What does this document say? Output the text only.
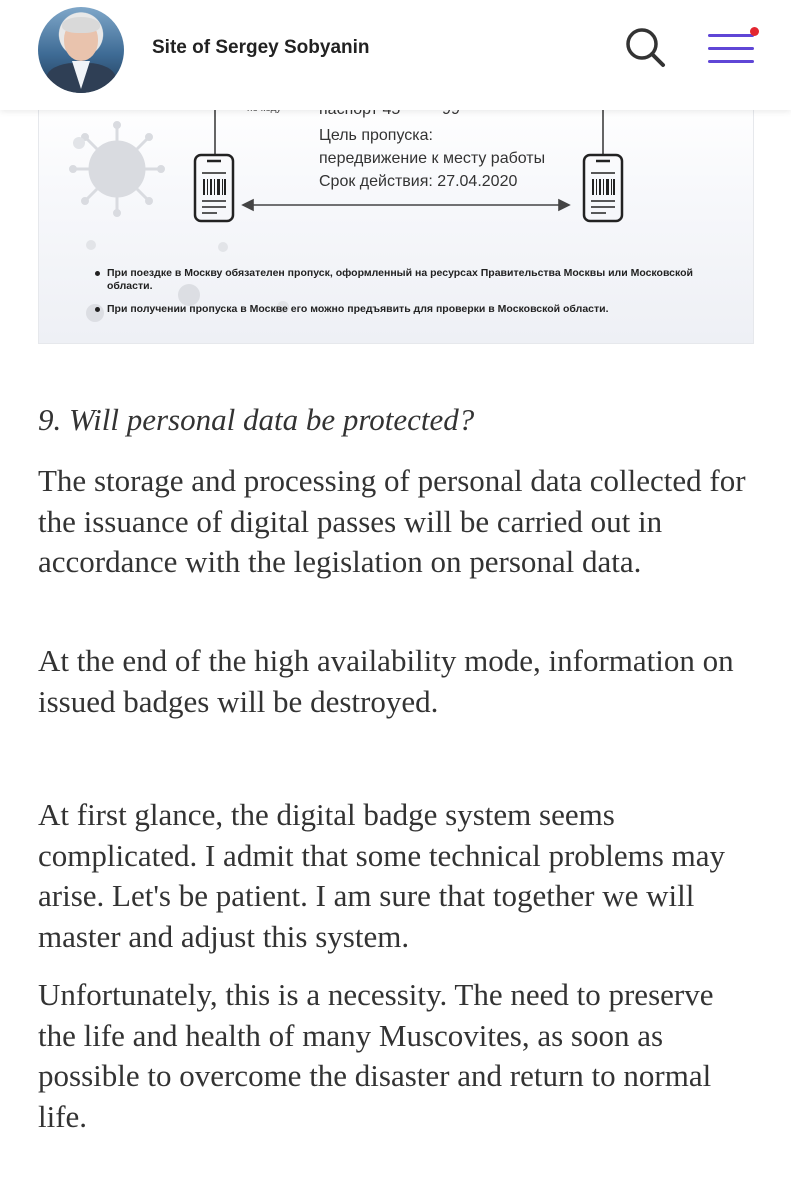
Цель пропуска:
передвижение к месту работы
Срок действия: 27.04.2020
При поездке в Москву обязателен пропуск, оформленный на ресурсах Правительства Москвы или Московской области.
При получении пропуска в Москве его можно предъявить для проверки в Московской области.
Site of Sergey Sobyanin
9. Will personal data be protected?

The storage and processing of personal data collected for the issuance of digital passes will be carried out in accordance with the legislation on personal data.

At the end of the high availability mode, information on issued badges will be destroyed.

At first glance, the digital badge system seems complicated. I admit that some technical problems may arise. Let's be patient. I am sure that together we will master and adjust this system.

Unfortunately, this is a necessity. The need to preserve the life and health of many Muscovites, as soon as possible to overcome the disaster and return to normal life.
